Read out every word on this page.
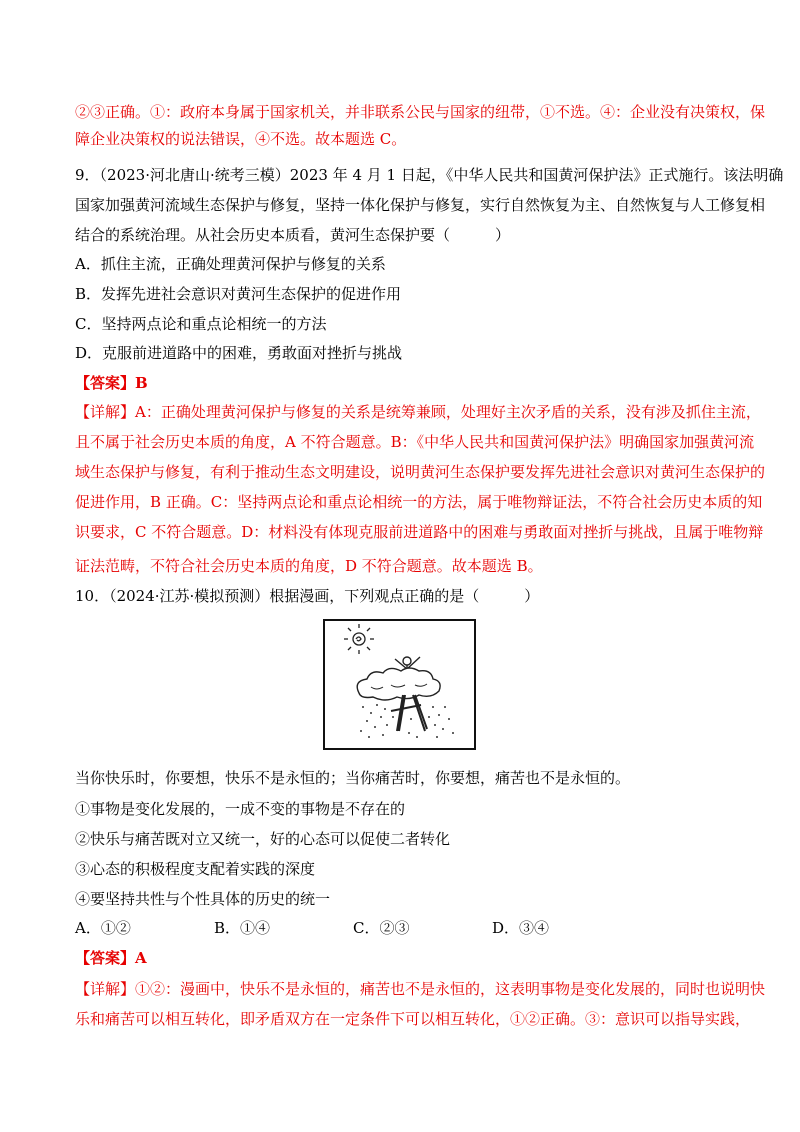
②③正确。①：政府本身属于国家机关，并非联系公民与国家的纽带，①不选。④：企业没有决策权，保
障企业决策权的说法错误，④不选。故本题选 C。
9．（2023·河北唐山·统考三模）2023 年 4 月 1 日起，《中华人民共和国黄河保护法》正式施行。该法明确
国家加强黄河流域生态保护与修复，坚持一体化保护与修复，实行自然恢复为主、自然恢复与人工修复相
结合的系统治理。从社会历史本质看，黄河生态保护要（　　　）
A．抓住主流，正确处理黄河保护与修复的关系
B．发挥先进社会意识对黄河生态保护的促进作用
C．坚持两点论和重点论相统一的方法
D．克服前进道路中的困难，勇敢面对挫折与挑战
【答案】B
【详解】A：正确处理黄河保护与修复的关系是统筹兼顾，处理好主次矛盾的关系，没有涉及抓住主流，
且不属于社会历史本质的角度，A 不符合题意。B：《中华人民共和国黄河保护法》明确国家加强黄河流
域生态保护与修复，有利于推动生态文明建设，说明黄河生态保护要发挥先进社会意识对黄河生态保护的
促进作用，B 正确。C：坚持两点论和重点论相统一的方法，属于唯物辩证法，不符合社会历史本质的知
识要求，C 不符合题意。D：材料没有体现克服前进道路中的困难与勇敢面对挫折与挑战，且属于唯物辩
证法范畴，不符合社会历史本质的角度，D 不符合题意。故本题选 B。
10．（2024·江苏·模拟预测）根据漫画，下列观点正确的是（　　　）
当你快乐时，你要想，快乐不是永恒的；当你痛苦时，你要想，痛苦也不是永恒的。
①事物是变化发展的，一成不变的事物是不存在的
②快乐与痛苦既对立又统一，好的心态可以促使二者转化
③心态的积极程度支配着实践的深度
④要坚持共性与个性具体的历史的统一
A．①②	B．①④	C．②③	D．③④
【答案】A
【详解】①②：漫画中，快乐不是永恒的，痛苦也不是永恒的，这表明事物是变化发展的，同时也说明快
乐和痛苦可以相互转化，即矛盾双方在一定条件下可以相互转化，①②正确。③：意识可以指导实践，
